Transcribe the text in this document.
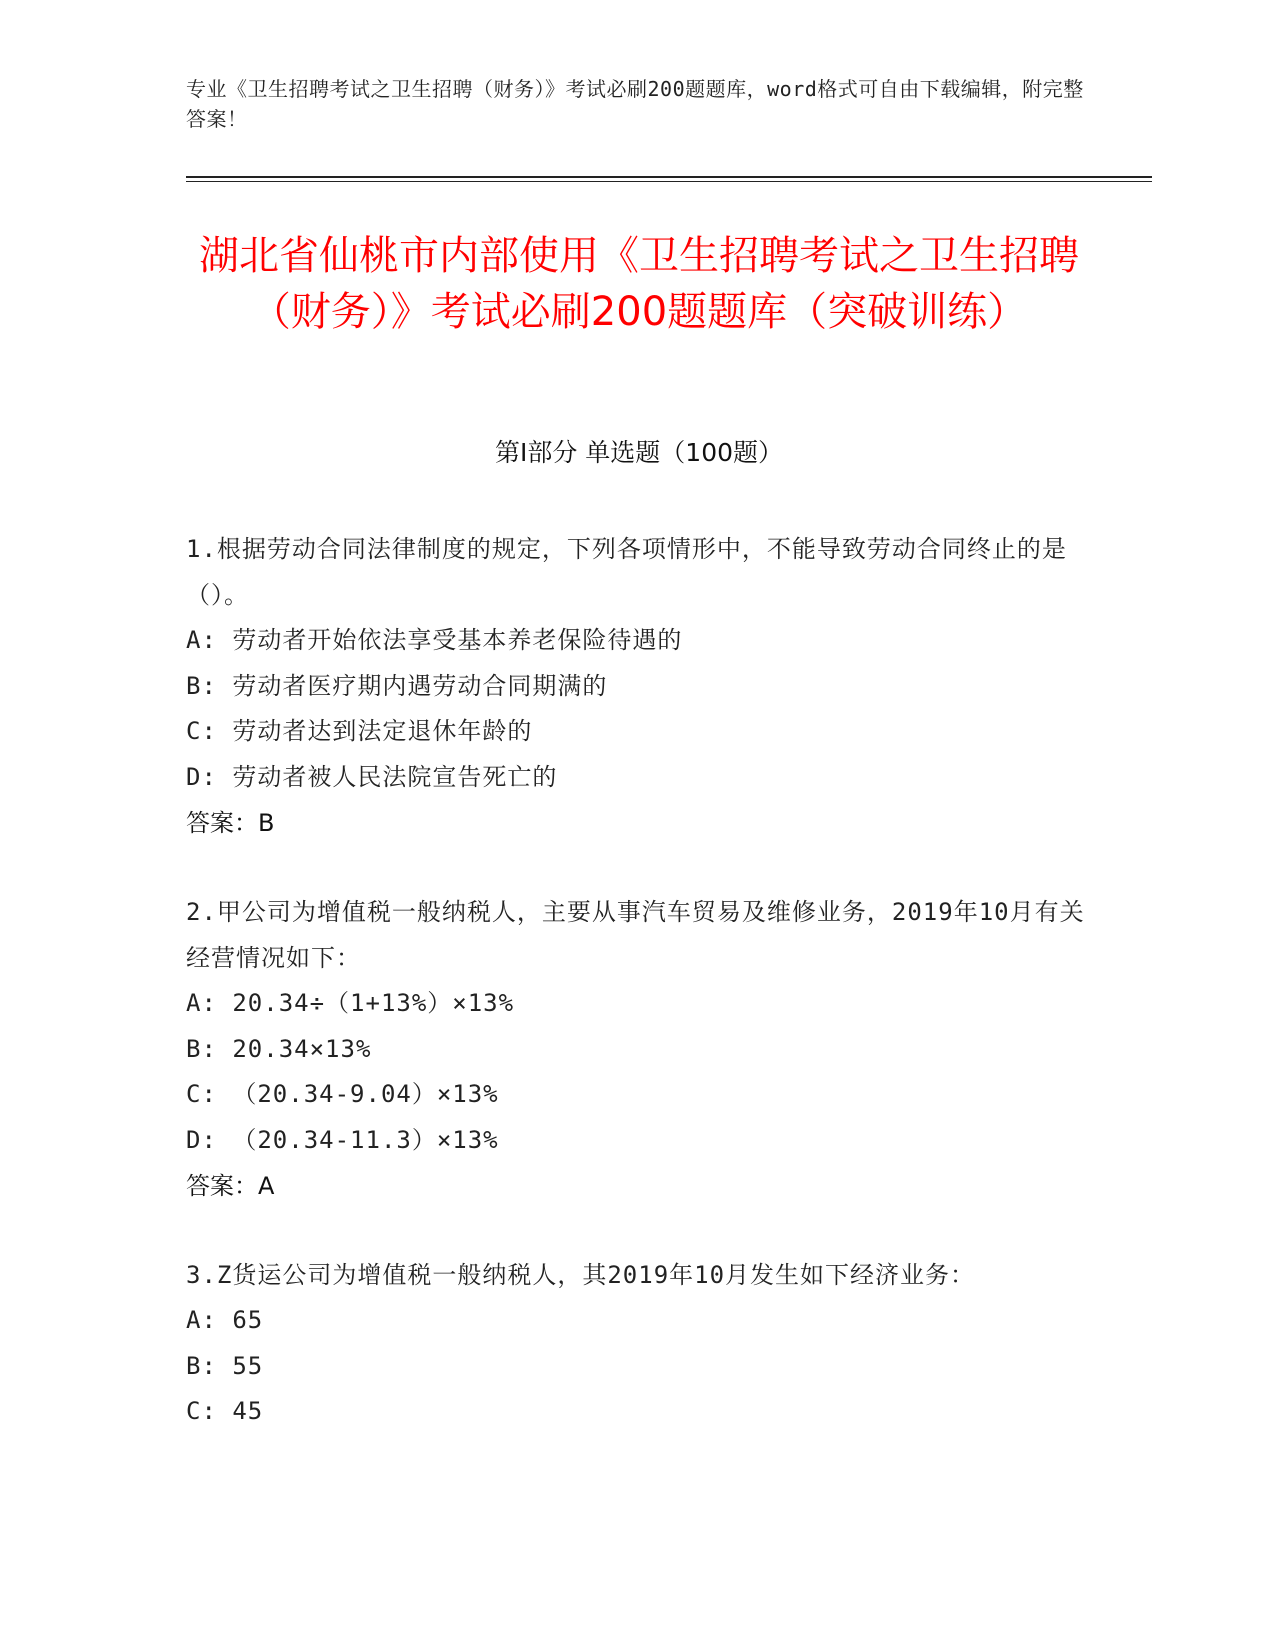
专业《卫生招聘考试之卫生招聘（财务）》考试必刷200题题库，word格式可自由下载编辑，附完整答案！
湖北省仙桃市内部使用《卫生招聘考试之卫生招聘（财务）》考试必刷200题题库（突破训练）
第Ⅰ部分 单选题（100题）
1.根据劳动合同法律制度的规定，下列各项情形中，不能导致劳动合同终止的是（）。
A: 劳动者开始依法享受基本养老保险待遇的
B: 劳动者医疗期内遇劳动合同期满的
C: 劳动者达到法定退休年龄的
D: 劳动者被人民法院宣告死亡的
答案：B
2.甲公司为增值税一般纳税人，主要从事汽车贸易及维修业务，2019年10月有关经营情况如下：
A: 20.34÷（1+13%）×13%
B: 20.34×13%
C: （20.34-9.04）×13%
D: （20.34-11.3）×13%
答案：A
3.Z货运公司为增值税一般纳税人，其2019年10月发生如下经济业务：
A: 65
B: 55
C: 45
